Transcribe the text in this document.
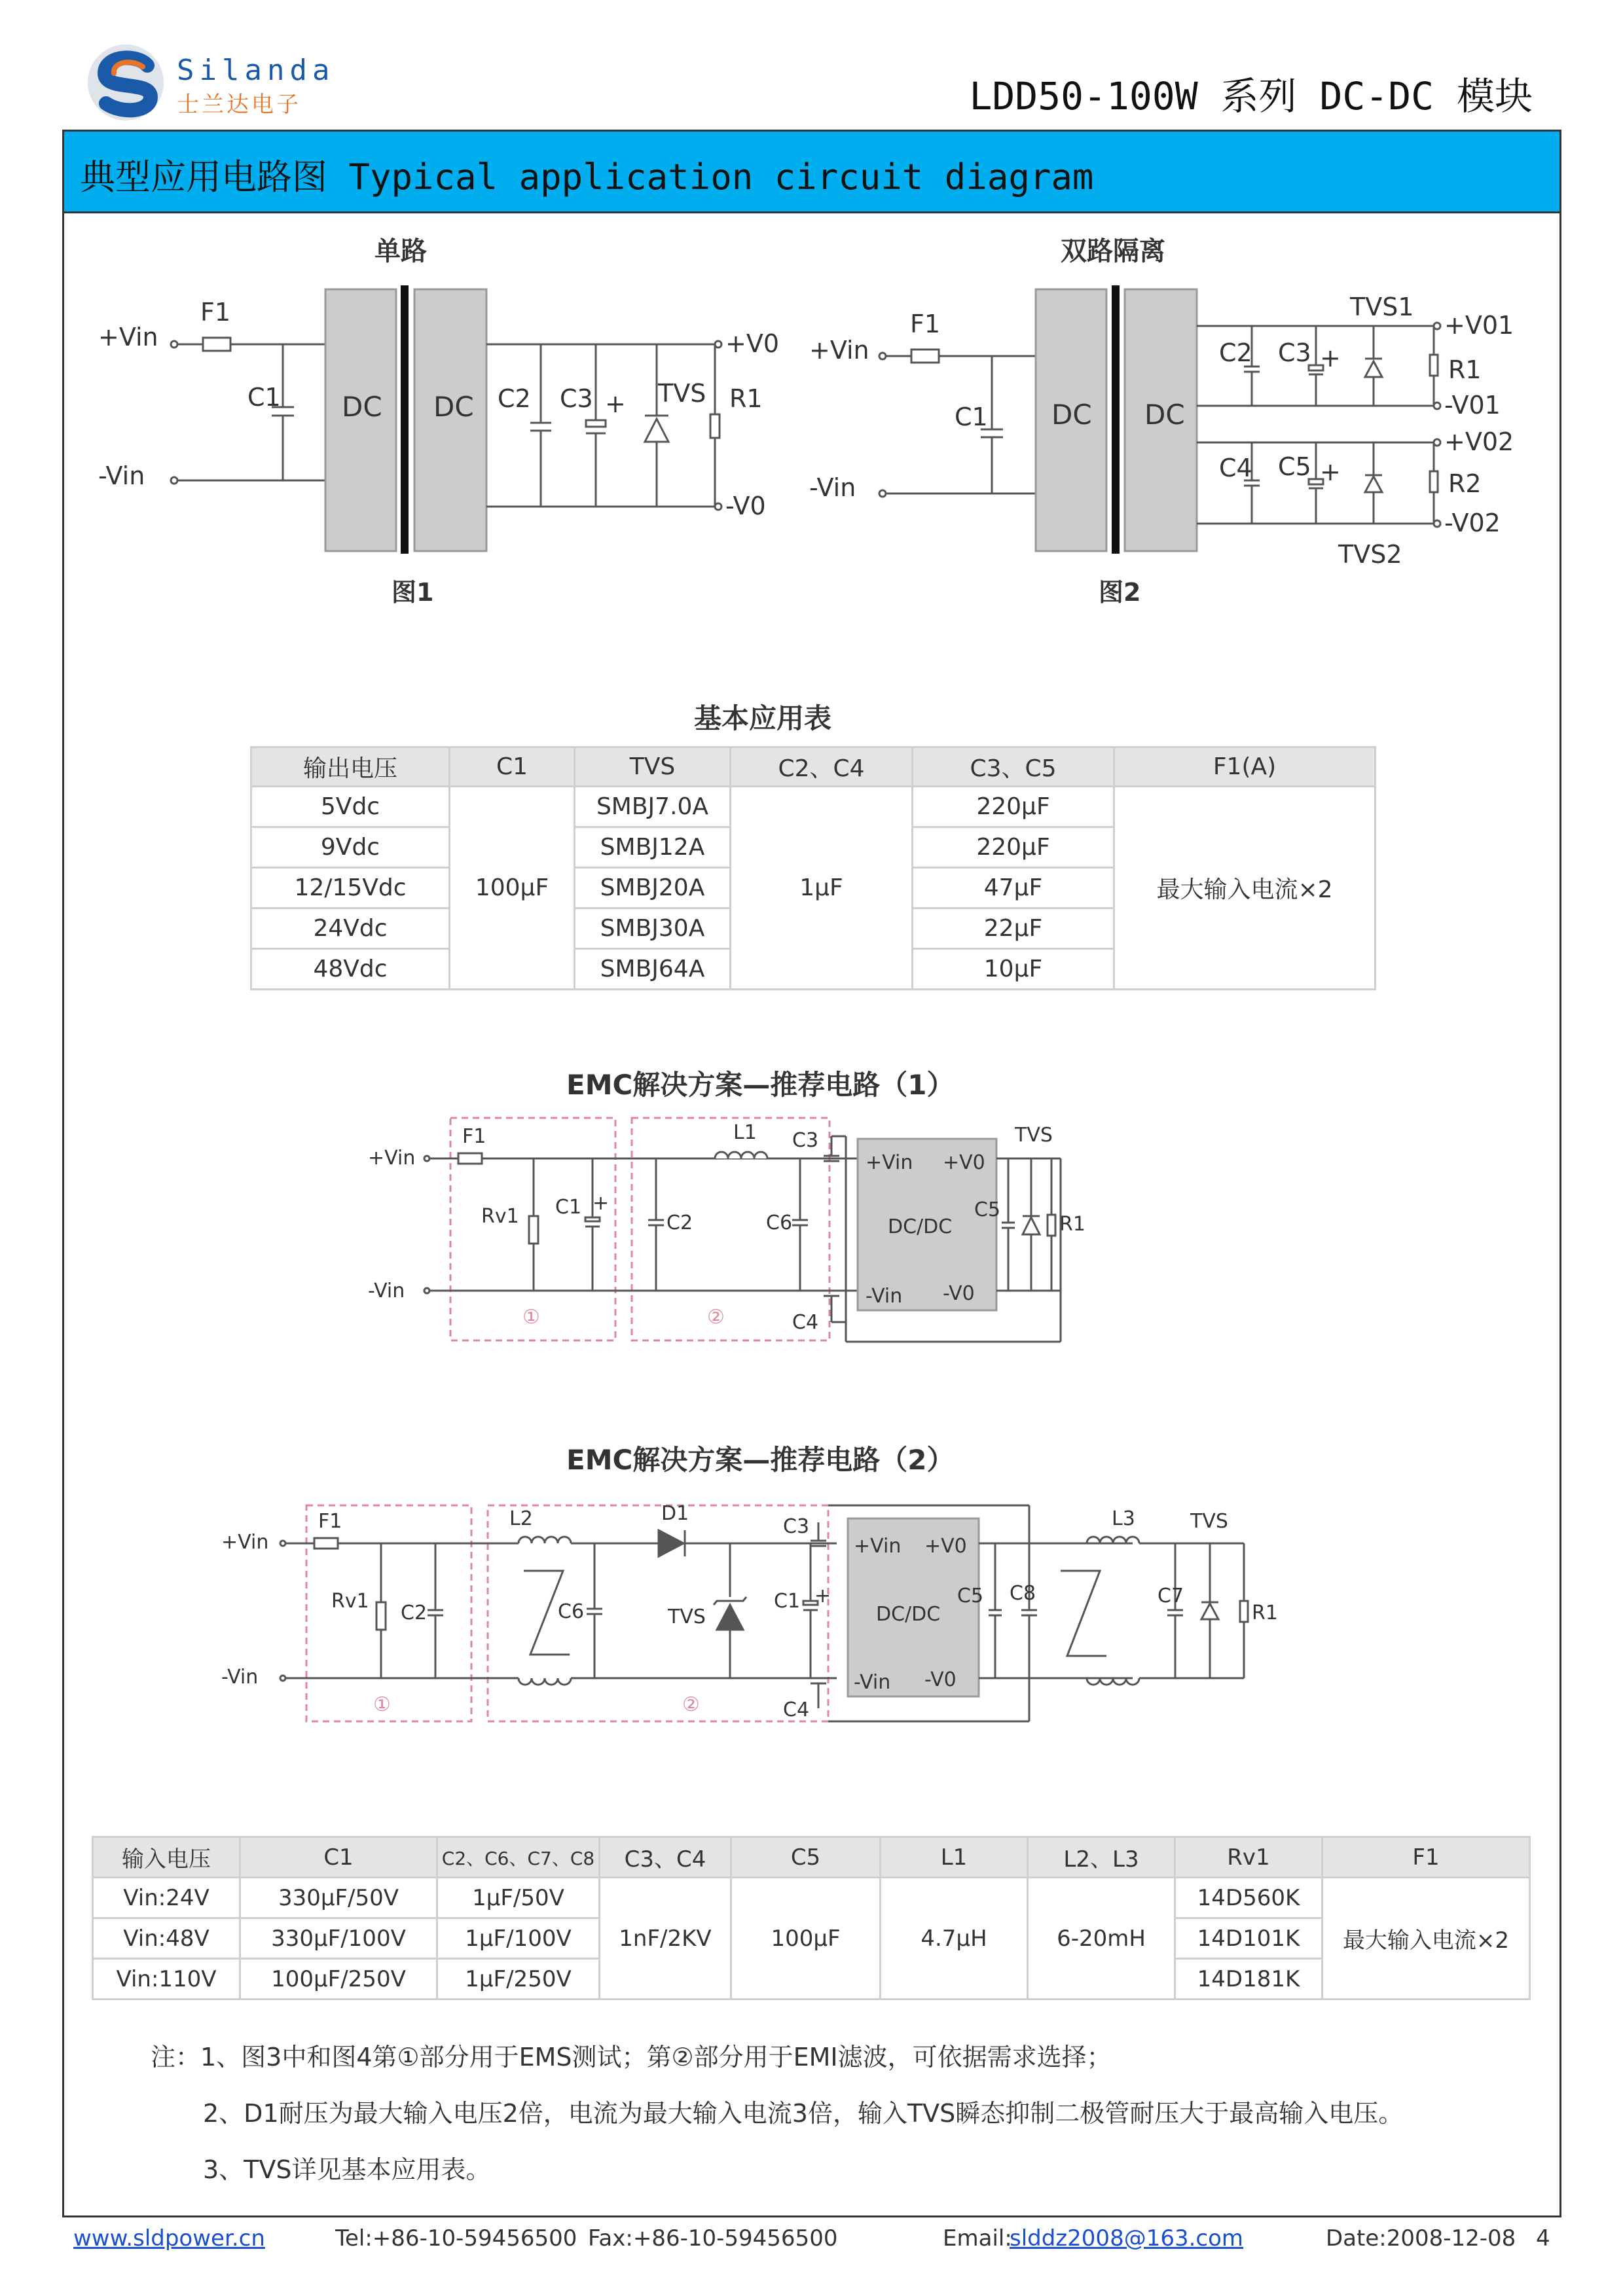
Silanda
士兰达电子	LDD50-100W 系列 DC-DC 模块
典型应用电路图 Typical application circuit diagram
单路
+Vin
-Vin
F1
C1 DC DC C2 C3 + TVS R1
+V0
-V0
图1
双路隔离
+Vin
-Vin
F1
C1 DC DC
C2 C3 +
TVS1
R1
+V01
-V01
C4 C5 +
TVS2
R2
+V02
-V02
图2
基本应用表
输出电压	C1	TVS	C2、C4	C3、C5	F1(A)
5Vdc	100μF	SMBJ7.0A	1μF	220μF	最大输入电流×2
9Vdc		SMBJ12A		220μF	
12/15Vdc		SMBJ20A		47μF	
24Vdc		SMBJ30A		22μF	
48Vdc		SMBJ64A		10μF	
EMC解决方案—推荐电路（1）
+Vin
-Vin
F1
Rv1 C1 +
①
C2
L1
C6
②
C3
C4
+Vin +V0
DC/DC
-Vin -V0
C5
TVS
R1
EMC解决方案—推荐电路（2）
+Vin
-Vin
F1
Rv1
C2
①
L2
C6
D1
TVS
②
C1 +
C3
C4
+Vin +V0
DC/DC
-Vin -V0
C5 C8
L3
C7
TVS
R1
输入电压	C1	C2、C6、C7、C8	C3、C4	C5	L1	L2、L3	Rv1	F1
Vin:24V	330μF/50V	1μF/50V	1nF/2KV	100μF	4.7μH	6-20mH	14D560K	最大输入电流×2
Vin:48V	330μF/100V	1μF/100V					14D101K	
Vin:110V	100μF/250V	1μF/250V					14D181K	
注：1、图3中和图4第①部分用于EMS测试；第②部分用于EMI滤波，可依据需求选择；
2、D1耐压为最大输入电压2倍，电流为最大输入电流3倍，输入TVS瞬态抑制二极管耐压大于最高输入电压。
3、TVS详见基本应用表。
www.sldpower.cn	Tel:+86-10-59456500 Fax:+86-10-59456500	Email:
slddz2008@163.com	Date:2008-12-08 4
